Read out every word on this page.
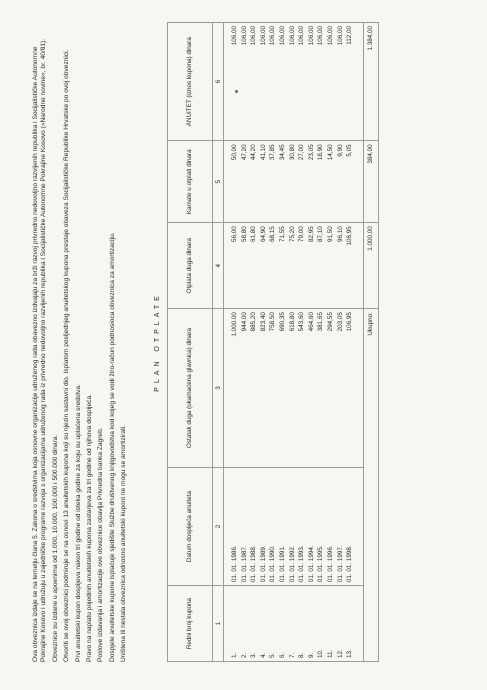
Ova obveznica izdaje se na temelju člana 5. Zakona o sredstvima koja osnovne organizacije udruženog rada obavezno izdvajaju za brži razvoj privredno nedovoljno razvijenih republika i Socijalističke Autonomne Pokrajine Kosovo i udružuju u zajedničke programe razvoja s organizacijama udruženog rada iz privredno nedovoljno razvijenih republika i Socijalističke Autonomne Pokrajine Kosovo (»Narodne novine«, br. 40/81). Obveznice su izdane u apoenima od 1.000, 10.000, 100.000 i 500.000 dinara. Otvoriti se ovoj obveznici podmiruje se na osnovi 13 anuitetskih kupona koji su njezin sastavni dio. Isplatom posljednjeg anuitetskog kupona prestaje obaveza Socijalističke Republike Hrvatske po ovoj obveznici. Prvi anuitetski kupon dospijeva nakon tri godine od isteka godine za koju su uplaćena sredstva. Pravo na naplatu pojedinih anuitetskih kupona zastarjeva za tri godine od njihova dospijeća. Poslove izdavanja i amortizacije ove obveznice obavlja Privredna banka Zagreb. Dospjele anuitetske kupone isplaćuje sjedište Službe društvenog knjigovodstva kod kojeg se vodi žiro-račun podnosioca obveznica za amortizaciju. Uništena ili nestala obveznica odnosno anuitetski kuponi ne mogu se amortizirati.

PLAN OTPLATE
Redni broj kupona	Datum dospijeća anuiteta	Ostatak duga (ukamaćena glavnica) dinara	Otplata duga dinara	Kamate u otplati dinara	ANUITET (iznos kupona) dinara
1	2	3	4	5	6
1.	01. 01. 1986.	1.000,00	56,00	50,00	106,00
2.	01. 01. 1987.	944,00	58,80	47,20	106,00
3.	01. 01. 1988.	885,20	61,80	44,20	106,00
4.	01. 01. 1989.	823,40	64,90	41,10	106,00
5.	01. 01. 1990.	758,50	68,15	37,85	106,00
6.	01. 01. 1991.	690,35	71,55	34,45	106,00
7.	01. 01. 1992.	618,80	75,20	30,80	106,00
8.	01. 01. 1993.	543,60	79,00	27,00	106,00
9.	01. 01. 1994.	464,60	82,95	23,05	106,00
10.	01. 01. 1995.	381,65	87,10	18,90	106,00
11.	01. 01. 1996.	294,55	91,50	14,50	106,00
12.	01. 01. 1997.	203,05	96,10	9,90	106,00
13.	01. 01. 1998.	106,95	106,95	5,05	112,00
Ukupno:			1.000,00	384,00	1.384,00
